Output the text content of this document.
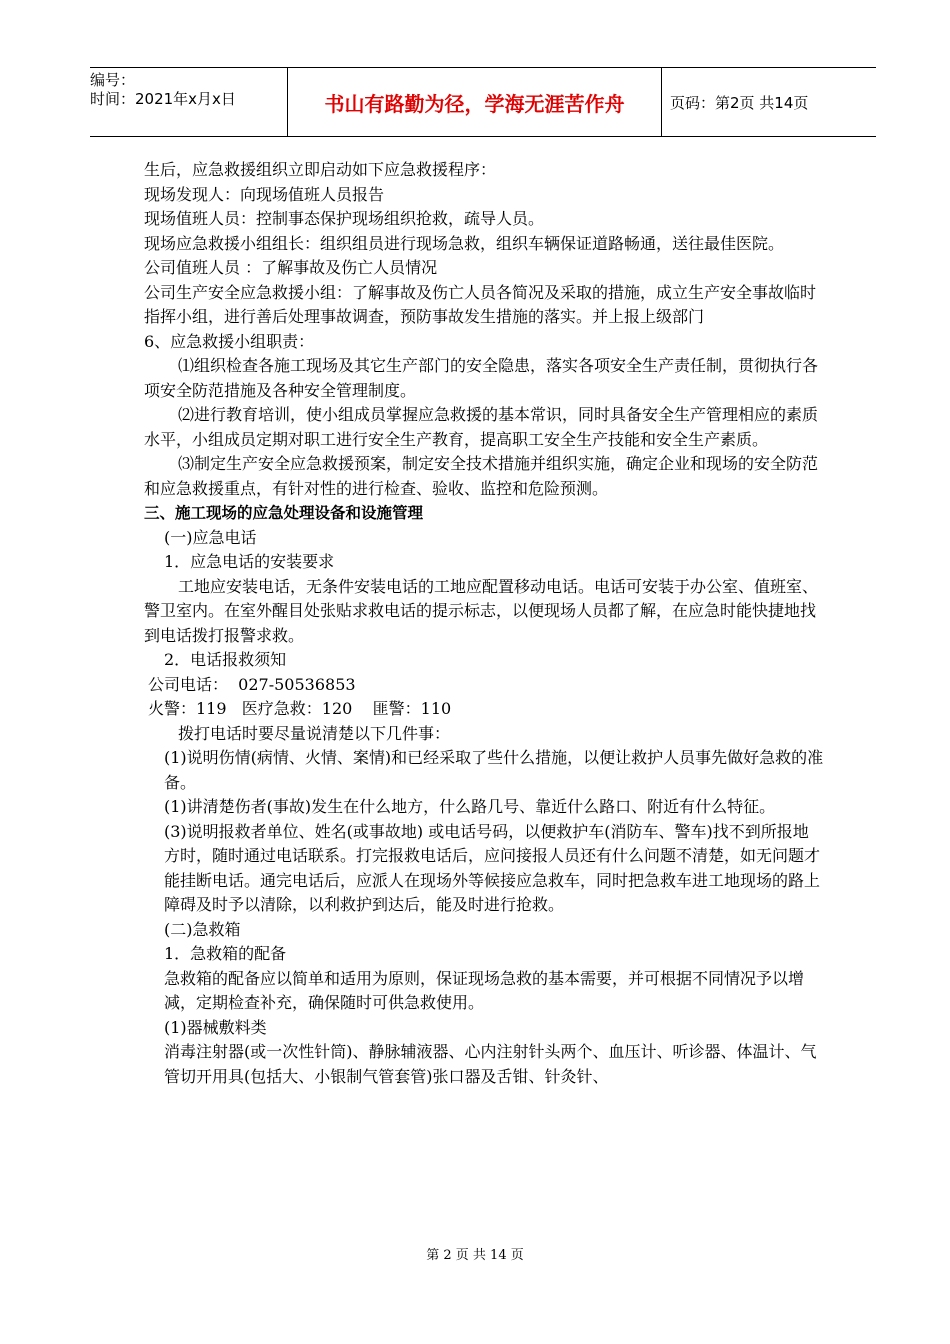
编号：
时间：2021年x月x日	书山有路勤为径，学海无涯苦作舟	页码：第2页 共14页

生后，应急救援组织立即启动如下应急救援程序：

现场发现人：向现场值班人员报告

现场值班人员：控制事态保护现场组织抢救，疏导人员。

现场应急救援小组组长：组织组员进行现场急救，组织车辆保证道路畅通，送往最佳医院。

公司值班人员 ：了解事故及伤亡人员情况

公司生产安全应急救援小组：了解事故及伤亡人员各简况及采取的措施，成立生产安全事故临时指挥小组，进行善后处理事故调查，预防事故发生措施的落实。并上报上级部门

6、应急救援小组职责：

⑴组织检查各施工现场及其它生产部门的安全隐患，落实各项安全生产责任制，贯彻执行各项安全防范措施及各种安全管理制度。

⑵进行教育培训，使小组成员掌握应急救援的基本常识，同时具备安全生产管理相应的素质水平，小组成员定期对职工进行安全生产教育，提高职工安全生产技能和安全生产素质。

⑶制定生产安全应急救援预案，制定安全技术措施并组织实施，确定企业和现场的安全防范和应急救援重点，有针对性的进行检查、验收、监控和危险预测。

三、施工现场的应急处理设备和设施管理

(一)应急电话

1．应急电话的安装要求

工地应安装电话，无条件安装电话的工地应配置移动电话。电话可安装于办公室、值班室、警卫室内。在室外醒目处张贴求救电话的提示标志，以便现场人员都了解，在应急时能快捷地找到电话拨打报警求救。

2．电话报救须知

公司电话：  027-50536853

火警：119   医疗急救：120    匪警：110

拨打电话时要尽量说清楚以下几件事：

(1)说明伤情(病情、火情、案情)和已经采取了些什么措施，以便让救护人员事先做好急救的准备。

(1)讲清楚伤者(事故)发生在什么地方，什么路几号、靠近什么路口、附近有什么特征。

(3)说明报救者单位、姓名(或事故地) 或电话号码，以便救护车(消防车、警车)找不到所报地方时，随时通过电话联系。打完报救电话后，应问接报人员还有什么问题不清楚，如无问题才能挂断电话。通完电话后，应派人在现场外等候接应急救车，同时把急救车进工地现场的路上障碍及时予以清除，以利救护到达后，能及时进行抢救。

(二)急救箱

1．急救箱的配备

急救箱的配备应以简单和适用为原则，保证现场急救的基本需要，并可根据不同情况予以增减，定期检查补充，确保随时可供急救使用。

(1)器械敷料类

消毒注射器(或一次性针筒)、静脉辅液器、心内注射针头两个、血压计、听诊器、体温计、气管切开用具(包括大、小银制气管套管)张口器及舌钳、针灸针、

第 2 页 共 14 页
